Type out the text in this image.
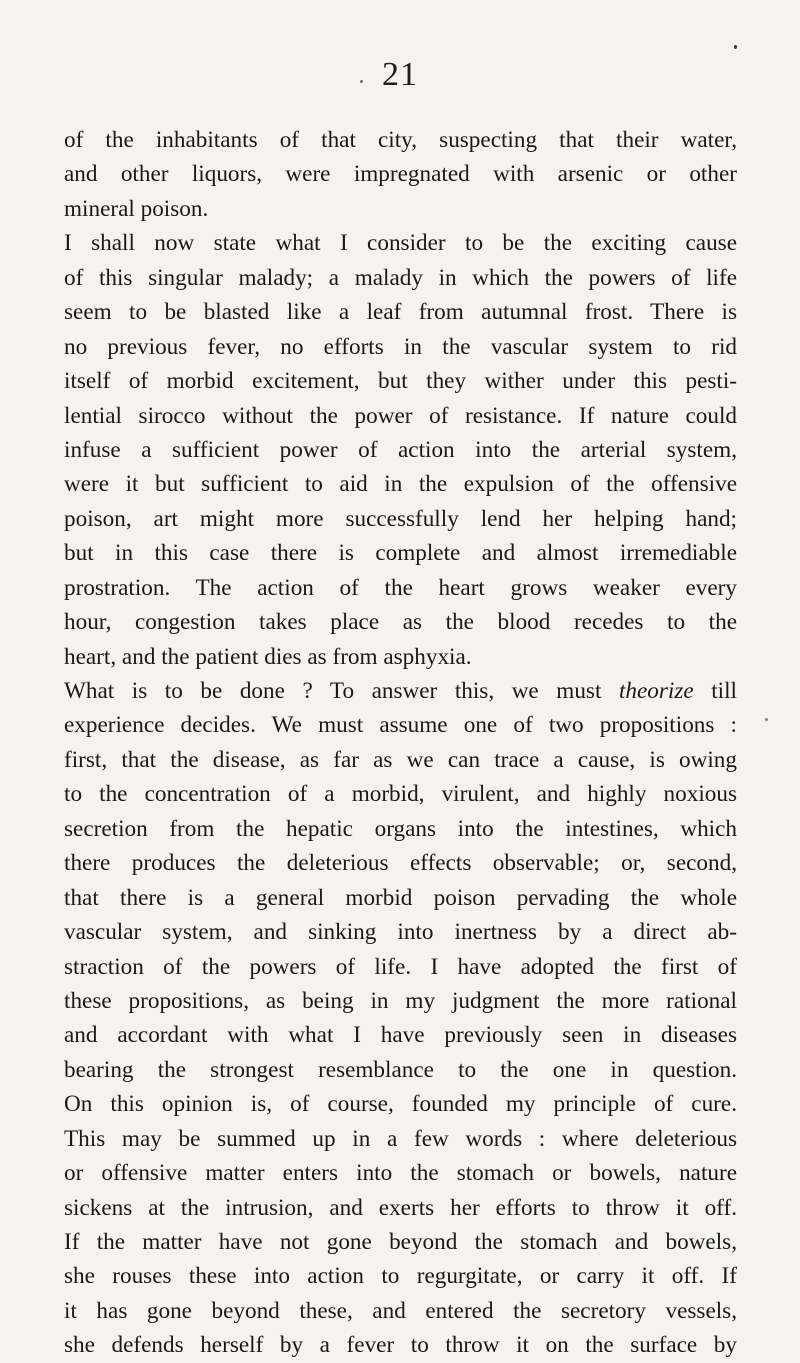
21
of the inhabitants of that city, suspecting that their water,
and other liquors, were impregnated with arsenic or other
mineral poison.
I shall now state what I consider to be the exciting cause
of this singular malady; a malady in which the powers of life
seem to be blasted like a leaf from autumnal frost. There is
no previous fever, no efforts in the vascular system to rid
itself of morbid excitement, but they wither under this pesti-
lential sirocco without the power of resistance. If nature could
infuse a sufficient power of action into the arterial system,
were it but sufficient to aid in the expulsion of the offensive
poison, art might more successfully lend her helping hand;
but in this case there is complete and almost irremediable
prostration. The action of the heart grows weaker every
hour, congestion takes place as the blood recedes to the
heart, and the patient dies as from asphyxia.
What is to be done ? To answer this, we must theorize till
experience decides. We must assume one of two propositions :
first, that the disease, as far as we can trace a cause, is owing
to the concentration of a morbid, virulent, and highly noxious
secretion from the hepatic organs into the intestines, which
there produces the deleterious effects observable; or, second,
that there is a general morbid poison pervading the whole
vascular system, and sinking into inertness by a direct ab-
straction of the powers of life. I have adopted the first of
these propositions, as being in my judgment the more rational
and accordant with what I have previously seen in diseases
bearing the strongest resemblance to the one in question.
On this opinion is, of course, founded my principle of cure.
This may be summed up in a few words : where deleterious
or offensive matter enters into the stomach or bowels, nature
sickens at the intrusion, and exerts her efforts to throw it off.
If the matter have not gone beyond the stomach and bowels,
she rouses these into action to regurgitate, or carry it off. If
it has gone beyond these, and entered the secretory vessels,
she defends herself by a fever to throw it on the surface by
